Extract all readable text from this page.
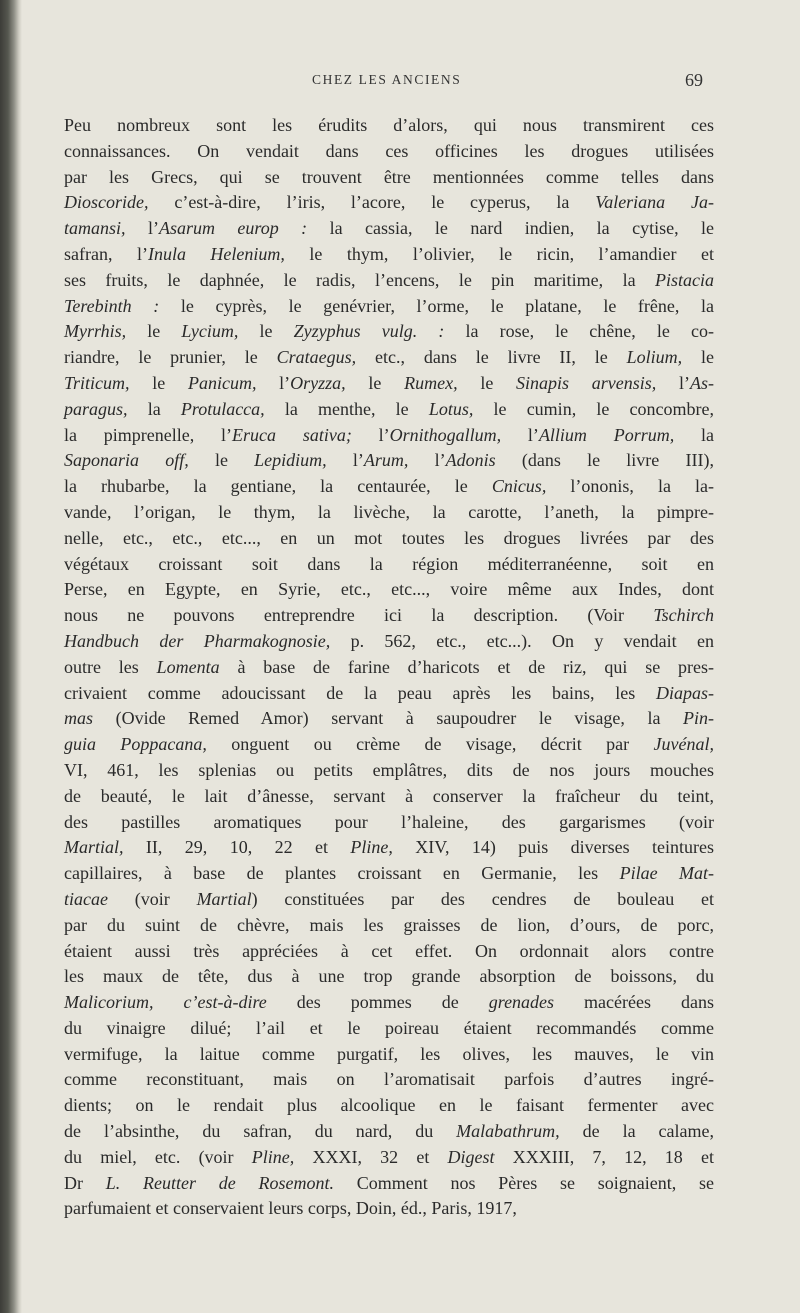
CHEZ LES ANCIENS	69
Peu nombreux sont les érudits d’alors, qui nous transmirent ces
connaissances. On vendait dans ces officines les drogues utilisées
par les Grecs, qui se trouvent être mentionnées comme telles dans
Dioscoride, c’est-à-dire, l’iris, l’acore, le cyperus, la Valeriana Ja-
tamansi, l’Asarum europ : la cassia, le nard indien, la cytise, le
safran, l’Inula Helenium, le thym, l’olivier, le ricin, l’amandier et
ses fruits, le daphnée, le radis, l’encens, le pin maritime, la Pistacia
Terebinth : le cyprès, le genévrier, l’orme, le platane, le frêne, la
Myrrhis, le Lycium, le Zyzyphus vulg. : la rose, le chêne, le co-
riandre, le prunier, le Crataegus, etc., dans le livre II, le Lolium, le
Triticum, le Panicum, l’Oryzza, le Rumex, le Sinapis arvensis, l’As-
paragus, la Protulacca, la menthe, le Lotus, le cumin, le concombre,
la pimprenelle, l’Eruca sativa; l’Ornithogallum, l’Allium Porrum, la
Saponaria off, le Lepidium, l’Arum, l’Adonis (dans le livre III),
la rhubarbe, la gentiane, la centaurée, le Cnicus, l’ononis, la la-
vande, l’origan, le thym, la livèche, la carotte, l’aneth, la pimpre-
nelle, etc., etc., etc..., en un mot toutes les drogues livrées par des
végétaux croissant soit dans la région méditerranéenne, soit en
Perse, en Egypte, en Syrie, etc., etc..., voire même aux Indes, dont
nous ne pouvons entreprendre ici la description. (Voir Tschirch
Handbuch der Pharmakognosie, p. 562, etc., etc...). On y vendait en
outre les Lomenta à base de farine d’haricots et de riz, qui se pres-
crivaient comme adoucissant de la peau après les bains, les Diapas-
mas (Ovide Remed Amor) servant à saupoudrer le visage, la Pin-
guia Poppacana, onguent ou crème de visage, décrit par Juvénal,
VI, 461, les splenias ou petits emplâtres, dits de nos jours mouches
de beauté, le lait d’ânesse, servant à conserver la fraîcheur du teint,
des pastilles aromatiques pour l’haleine, des gargarismes (voir
Martial, II, 29, 10, 22 et Pline, XIV, 14) puis diverses teintures
capillaires, à base de plantes croissant en Germanie, les Pilae Mat-
tiacae (voir Martial) constituées par des cendres de bouleau et
par du suint de chèvre, mais les graisses de lion, d’ours, de porc,
étaient aussi très appréciées à cet effet. On ordonnait alors contre
les maux de tête, dus à une trop grande absorption de boissons, du
Malicorium, c’est-à-dire des pommes de grenades macérées dans
du vinaigre dilué; l’ail et le poireau étaient recommandés comme
vermifuge, la laitue comme purgatif, les olives, les mauves, le vin
comme reconstituant, mais on l’aromatisait parfois d’autres ingré-
dients; on le rendait plus alcoolique en le faisant fermenter avec
de l’absinthe, du safran, du nard, du Malabathrum, de la calame,
du miel, etc. (voir Pline, XXXI, 32 et Digest XXXIII, 7, 12, 18 et
Dr L. Reutter de Rosemont. Comment nos Pères se soignaient, se
parfumaient et conservaient leurs corps, Doin, éd., Paris, 1917,
